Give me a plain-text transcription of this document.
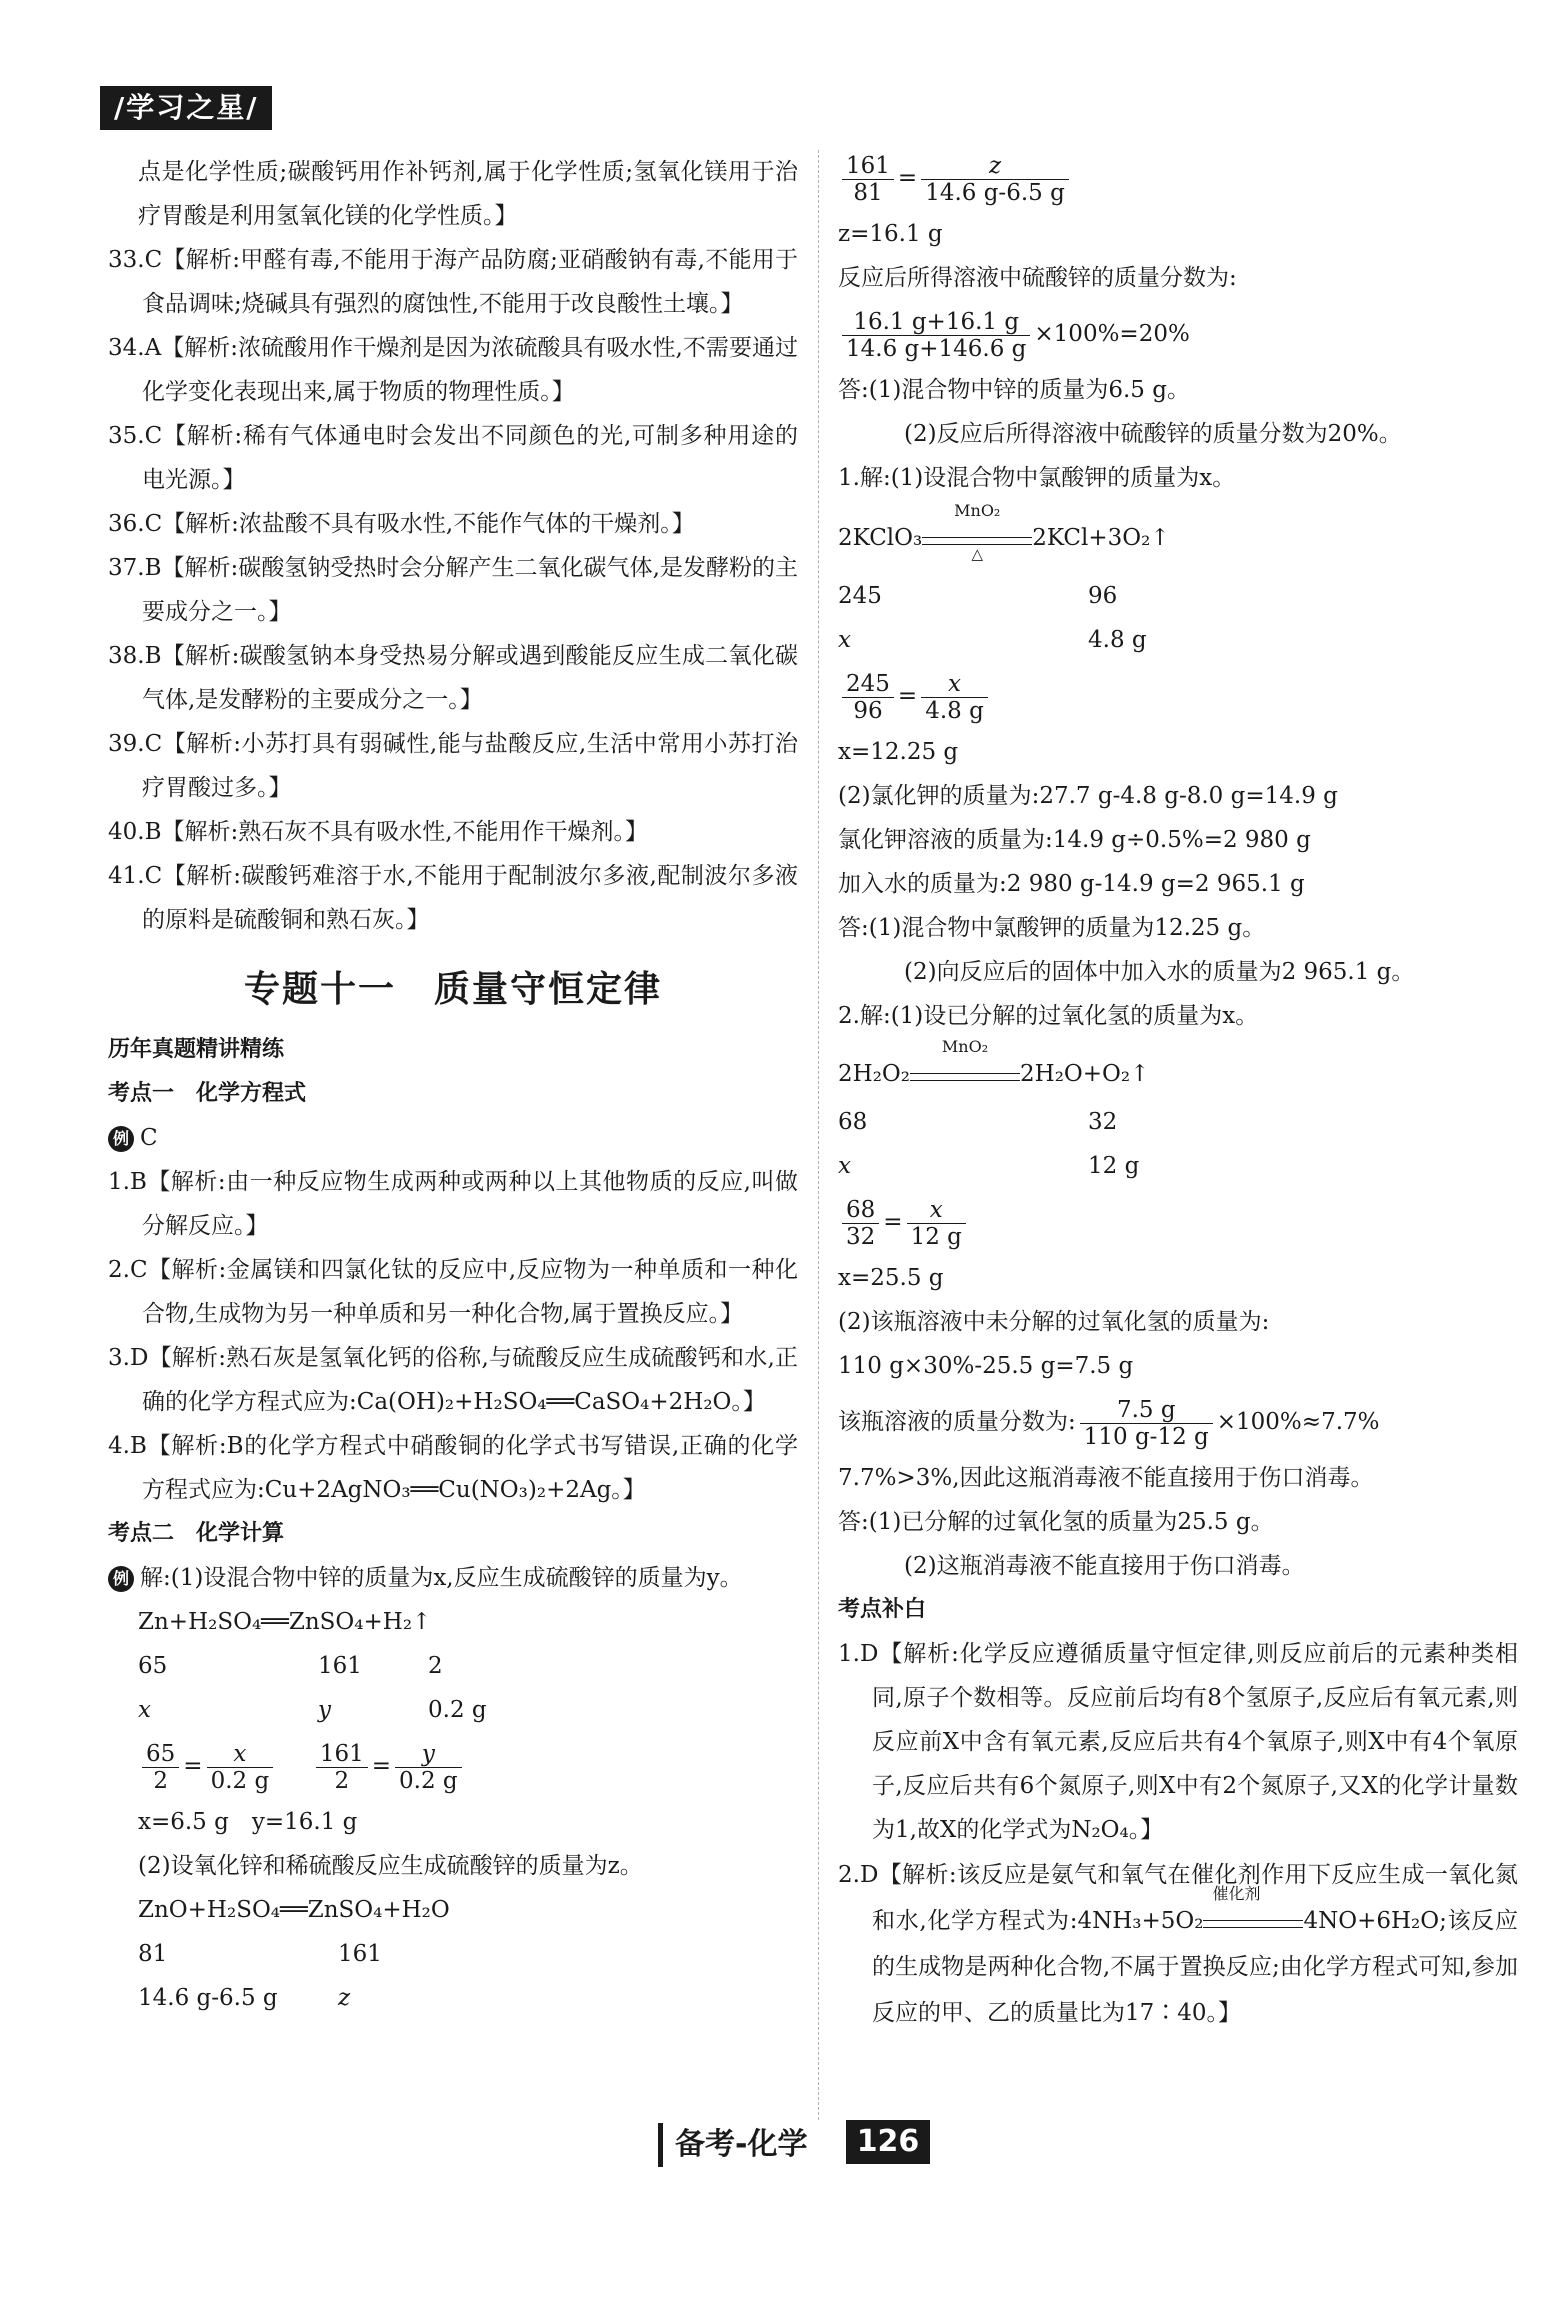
/学习之星/

点是化学性质;碳酸钙用作补钙剂,属于化学性质;氢氧化镁用于治疗胃酸是利用氢氧化镁的化学性质。】

33.C【解析:甲醛有毒,不能用于海产品防腐;亚硝酸钠有毒,不能用于食品调味;烧碱具有强烈的腐蚀性,不能用于改良酸性土壤。】

34.A【解析:浓硫酸用作干燥剂是因为浓硫酸具有吸水性,不需要通过化学变化表现出来,属于物质的物理性质。】

35.C【解析:稀有气体通电时会发出不同颜色的光,可制多种用途的电光源。】

36.C【解析:浓盐酸不具有吸水性,不能作气体的干燥剂。】

37.B【解析:碳酸氢钠受热时会分解产生二氧化碳气体,是发酵粉的主要成分之一。】

38.B【解析:碳酸氢钠本身受热易分解或遇到酸能反应生成二氧化碳气体,是发酵粉的主要成分之一。】

39.C【解析:小苏打具有弱碱性,能与盐酸反应,生活中常用小苏打治疗胃酸过多。】

40.B【解析:熟石灰不具有吸水性,不能用作干燥剂。】

41.C【解析:碳酸钙难溶于水,不能用于配制波尔多液,配制波尔多液的原料是硫酸铜和熟石灰。】

专题十一　质量守恒定律

历年真题精讲精练

考点一　化学方程式

例 C

1.B【解析:由一种反应物生成两种或两种以上其他物质的反应,叫做分解反应。】

2.C【解析:金属镁和四氯化钛的反应中,反应物为一种单质和一种化合物,生成物为另一种单质和另一种化合物,属于置换反应。】

3.D【解析:熟石灰是氢氧化钙的俗称,与硫酸反应生成硫酸钙和水,正确的化学方程式应为:Ca(OH)₂+H₂SO₄══CaSO₄+2H₂O。】

4.B【解析:B的化学方程式中硝酸铜的化学式书写错误,正确的化学方程式应为:Cu+2AgNO₃══Cu(NO₃)₂+2Ag。】

考点二　化学计算

例 解:(1)设混合物中锌的质量为x,反应生成硫酸锌的质量为y。

Zn+H₂SO₄══ZnSO₄+H₂↑
65	161	2
x	y	0.2 g
$\frac{65}{2} = \frac{x}{0.2 g}$
$\frac{161}{2} = \frac{y}{0.2 g}$
x=6.5 g　y=16.1 g
(2)设氧化锌和稀硫酸反应生成硫酸锌的质量为z。
ZnO+H₂SO₄══ZnSO₄+H₂O
81	161
14.6 g-6.5 g	z
$\frac{161}{81} = \frac{z}{14.6 g-6.5 g}$
z=16.1 g
反应后所得溶液中硫酸锌的质量分数为:
$\frac{16.1 g+16.1 g}{14.6 g+146.6 g} \times 100\%=20\%$
答:(1)混合物中锌的质量为6.5 g。
(2)反应后所得溶液中硫酸锌的质量分数为20%。
1.解:(1)设混合物中氯酸钾的质量为x。
2KClO₃
MnO₂
△
2KCl+3O₂↑
245	96
x	4.8 g
$\frac{245}{96} = \frac{x}{4.8 g}$
x=12.25 g
(2)氯化钾的质量为:27.7 g-4.8 g-8.0 g=14.9 g
氯化钾溶液的质量为:14.9 g÷0.5%=2 980 g
加入水的质量为:2 980 g-14.9 g=2 965.1 g
答:(1)混合物中氯酸钾的质量为12.25 g。
(2)向反应后的固体中加入水的质量为2 965.1 g。
2.解:(1)设已分解的过氧化氢的质量为x。
2H₂O₂
MnO₂
2H₂O+O₂↑
68	32
x	12 g
$\frac{68}{32} = \frac{x}{12 g}$
x=25.5 g
(2)该瓶溶液中未分解的过氧化氢的质量为:
110 g×30%-25.5 g=7.5 g
该瓶溶液的质量分数为: $\frac{7.5 g}{110 g-12 g} \times 100\%\approx 7.7\%$
7.7%>3%,因此这瓶消毒液不能直接用于伤口消毒。
答:(1)已分解的过氧化氢的质量为25.5 g。
(2)这瓶消毒液不能直接用于伤口消毒。

考点补白

1.D【解析:化学反应遵循质量守恒定律,则反应前后的元素种类相同,原子个数相等。反应前后均有8个氢原子,反应后有氧元素,则反应前X中含有氧元素,反应后共有4个氧原子,则X中有4个氧原子,反应后共有6个氮原子,则X中有2个氮原子,又X的化学计量数为1,故X的化学式为N₂O₄。】

2.D【解析:该反应是氨气和氧气在催化剂作用下反应生成一氧化氮和水,化学方程式为:4NH₃+5O₂
催化剂
4NO+6H₂O;该反应的生成物是两种化合物,不属于置换反应;由化学方程式可知,参加反应的甲、乙的质量比为17∶40。】

备考-化学	126
